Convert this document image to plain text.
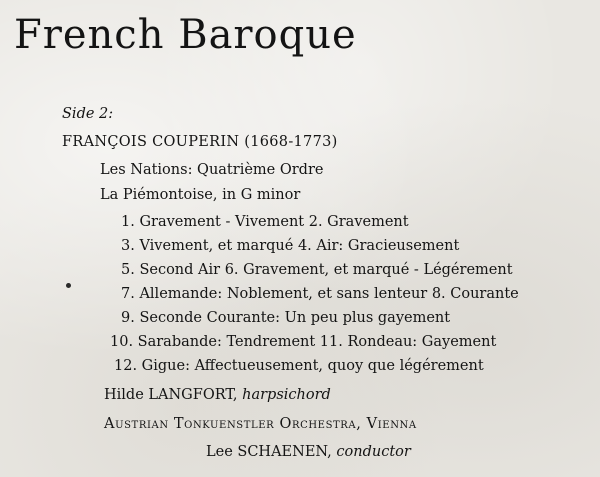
French Baroque
Side 2:
FRANÇOIS COUPERIN (1668-1773)
Les Nations: Quatrième Ordre
La Piémontoise, in G minor
1. Gravement - Vivement 2. Gravement
3. Vivement, et marqué 4. Air: Gracieusement
5. Second Air 6. Gravement, et marqué - Légérement
7. Allemande: Noblement, et sans lenteur 8. Courante
9. Seconde Courante: Un peu plus gayement
10. Sarabande: Tendrement 11. Rondeau: Gayement
12. Gigue: Affectueusement, quoy que légérement
Hilde LANGFORT, harpsichord
Austrian Tonkuenstler Orchestra, Vienna
Lee SCHAENEN, conductor
